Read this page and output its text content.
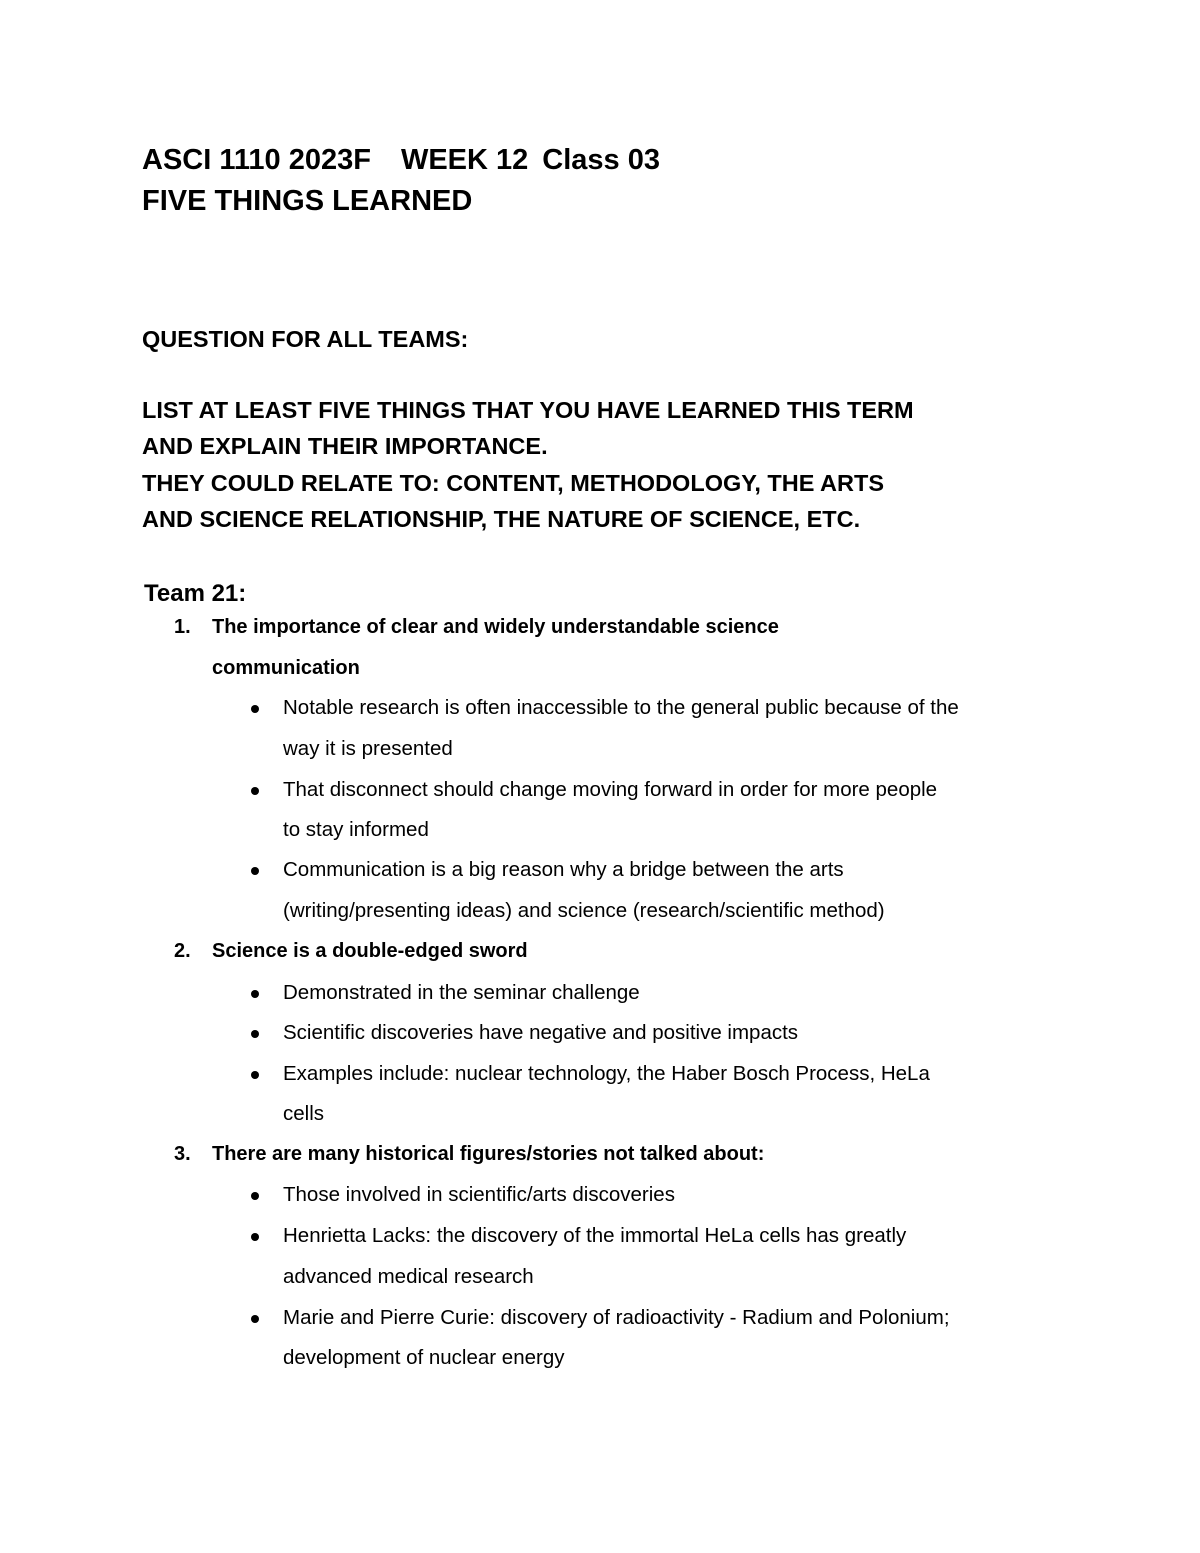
ASCI 1110 2023F WEEK 12 Class 03
FIVE THINGS LEARNED
QUESTION FOR ALL TEAMS:
LIST AT LEAST FIVE THINGS THAT YOU HAVE LEARNED THIS TERM
AND EXPLAIN THEIR IMPORTANCE.
THEY COULD RELATE TO: CONTENT, METHODOLOGY, THE ARTS
AND SCIENCE RELATIONSHIP, THE NATURE OF SCIENCE, ETC.
Team 21:
1. The importance of clear and widely understandable science
communication
Notable research is often inaccessible to the general public because of the
way it is presented
That disconnect should change moving forward in order for more people
to stay informed
Communication is a big reason why a bridge between the arts
(writing/presenting ideas) and science (research/scientific method)
2. Science is a double-edged sword
Demonstrated in the seminar challenge
Scientific discoveries have negative and positive impacts
Examples include: nuclear technology, the Haber Bosch Process, HeLa
cells
3. There are many historical figures/stories not talked about:
Those involved in scientific/arts discoveries
Henrietta Lacks: the discovery of the immortal HeLa cells has greatly
advanced medical research
Marie and Pierre Curie: discovery of radioactivity - Radium and Polonium;
development of nuclear energy
